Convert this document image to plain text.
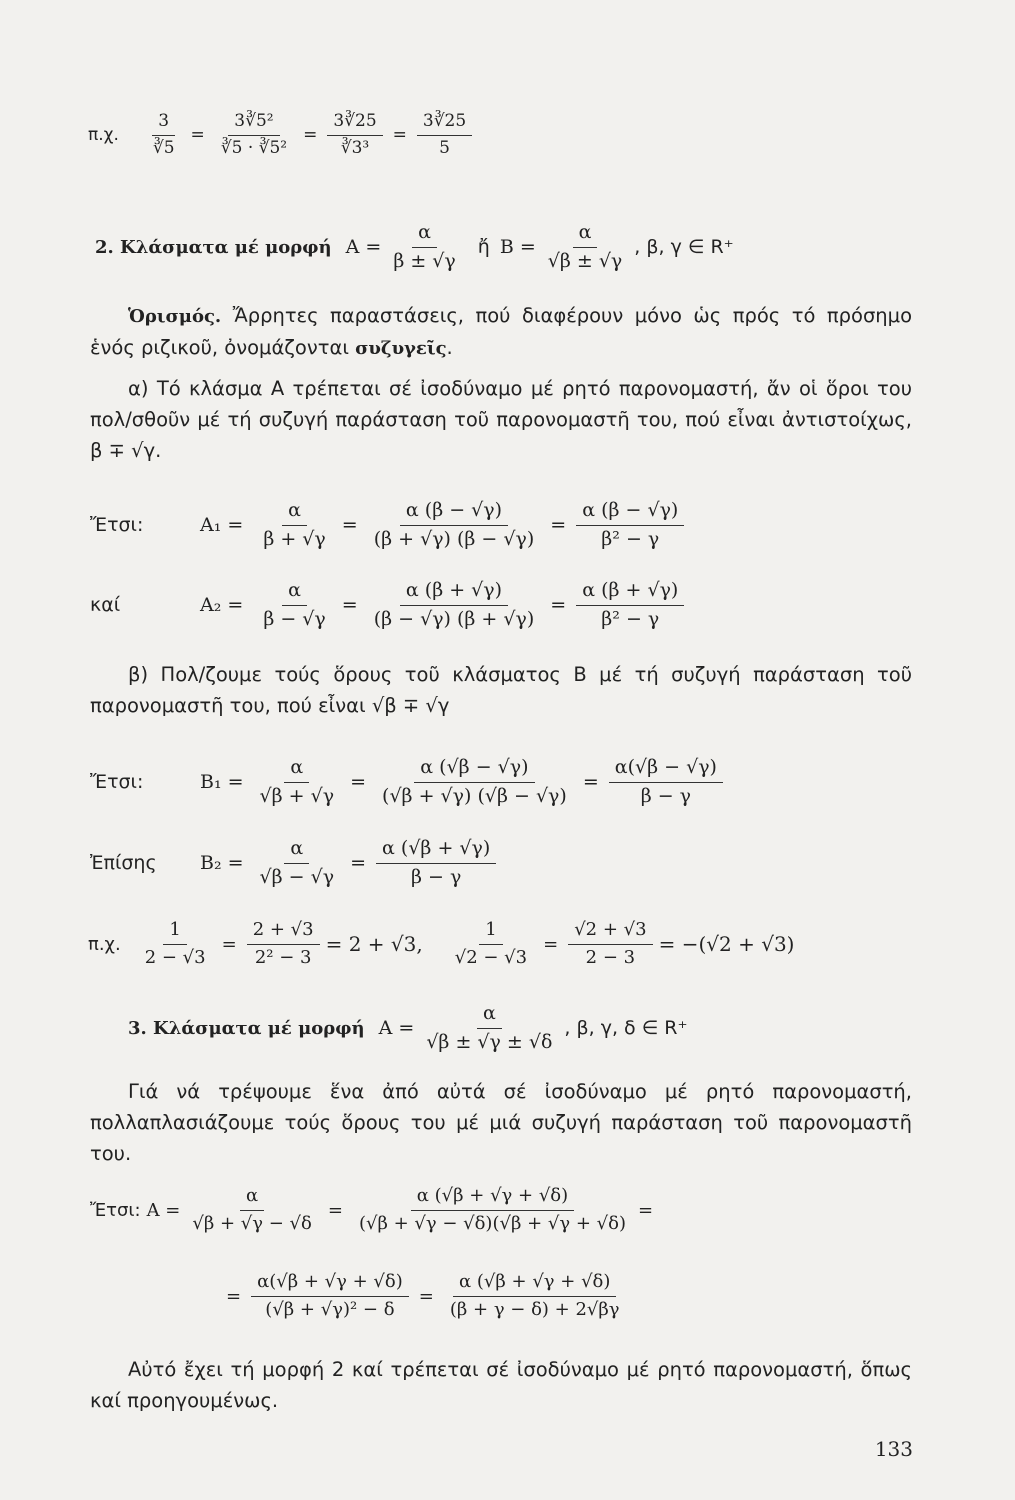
π.χ. $\frac{3}{∛5} = \frac{\text{3∛5²}}{\text{∛5 · ∛5²}} = \frac{3∛25}{\text{∛3³}} = \frac{3∛25}{5}$
2. Κλάσματα μέ μορφή $A = \frac{\alpha}{\beta \pm √\gamma}$ ἤ $B = \frac{\alpha}{√\beta \pm √\gamma}$ , β, γ ∈ R⁺
Ὁρισμός. Ἄρρητες παραστάσεις, πού διαφέρουν μόνο ὡς πρός τό πρόσημο ἑνός ριζικοῦ, ὀνομάζονται συζυγεῖς.
α) Τό κλάσμα A τρέπεται σέ ἰσοδύναμο μέ ρητό παρονομαστή, ἄν οἱ ὅροι του πολ/σθοῦν μέ τή συζυγή παράσταση τοῦ παρονομαστῆ του, πού εἶναι ἀντιστοίχως, β ∓ √γ.
Ἔτσι:	$A_1 = \frac{\alpha}{\beta + √\gamma} = \frac{\alpha (\beta - √\gamma)}{(\beta + √\gamma) (\beta - √\gamma)} = \frac{\alpha (\beta - √\gamma)}{\text{β² − γ}}$
καί	$A_2 = \frac{\alpha}{\beta - √\gamma} = \frac{\alpha (\beta + √\gamma)}{(\beta - √\gamma) (\beta + √\gamma)} = \frac{\alpha (\beta + √\gamma)}{\text{β² − γ}}$
β) Πολ/ζουμε τούς ὅρους τοῦ κλάσματος B μέ τή συζυγή παράσταση τοῦ παρονομαστῆ του, πού εἶναι √β ∓ √γ
Ἔτσι:	$B_1 = \frac{\alpha}{√\beta + √\gamma} = \frac{\alpha (√\beta - √\gamma)}{(√\beta + √\gamma) (√\beta - √\gamma)} = \frac{\alpha(√\beta - √\gamma)}{\beta - \gamma}$
Ἐπίσης	$B_2 = \frac{\alpha}{√\beta - √\gamma} = \frac{\alpha (√\beta + √\gamma)}{\beta - \gamma}$
π.χ. $\frac{1}{2 - √3} = \frac{2 + √3}{\text{2² − 3}} = 2 + √3$, $\frac{1}{√2 - √3} = \frac{√2 + √3}{2 - 3} = -(√2 + √3)$
3. Κλάσματα μέ μορφή $A = \frac{\alpha}{√\beta \pm √\gamma \pm √\delta}$ , β, γ, δ ∈ R⁺
Γιά νά τρέψουμε ἕνα ἀπό αὐτά σέ ἰσοδύναμο μέ ρητό παρονομαστή, πολλαπλασιάζουμε τούς ὅρους του μέ μιά συζυγή παράσταση τοῦ παρονομαστῆ του.
Ἔτσι: $A = \frac{\alpha}{√\beta + √\gamma - √\delta} = \frac{\alpha (√\beta + √\gamma + √\delta)}{(√\beta + √\gamma - √\delta)(√\beta + √\gamma + √\delta)}$ =
= $\frac{\alpha(√\beta + √\gamma + √\delta)}{\text{(√β + √γ)² − δ}} = \frac{\alpha (√\beta + √\gamma + √\delta)}{(\beta + \gamma - \delta) + 2√\beta\gamma}$
Αὐτό ἔχει τή μορφή 2 καί τρέπεται σέ ἰσοδύναμο μέ ρητό παρονομαστή, ὅπως καί προηγουμένως.
133
